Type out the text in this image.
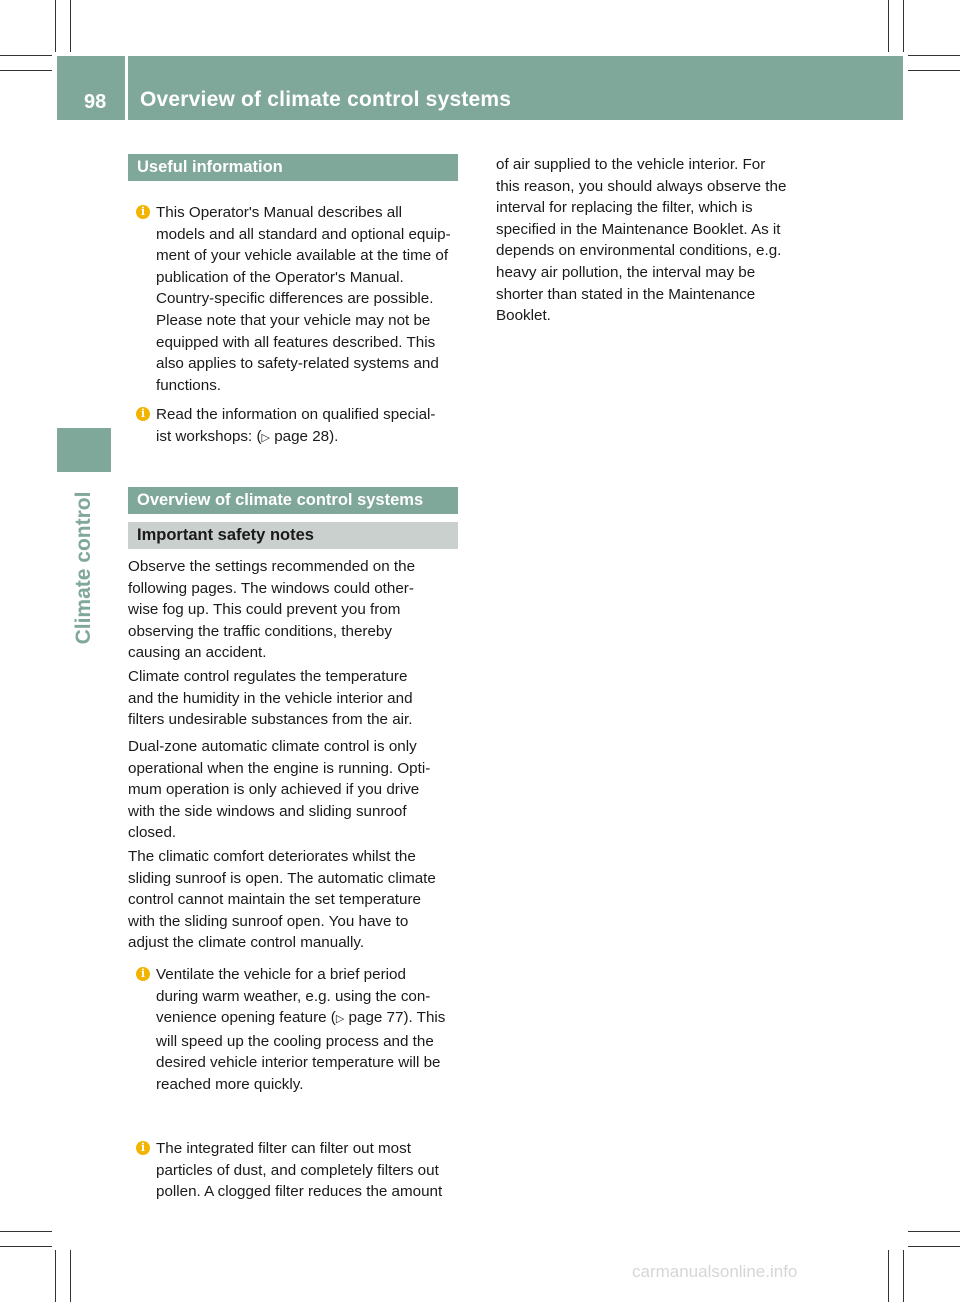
98 Overview of climate control systems
Climate control
Useful information
i This Operator's Manual describes all
models and all standard and optional equip-
ment of your vehicle available at the time of
publication of the Operator's Manual.
Country-specific differences are possible.
Please note that your vehicle may not be
equipped with all features described. This
also applies to safety-related systems and
functions.
i Read the information on qualified special-
ist workshops: (▷ page 28).
Overview of climate control systems
Important safety notes
Observe the settings recommended on the
following pages. The windows could other-
wise fog up. This could prevent you from
observing the traffic conditions, thereby
causing an accident.
Climate control regulates the temperature
and the humidity in the vehicle interior and
filters undesirable substances from the air.
Dual-zone automatic climate control is only
operational when the engine is running. Opti-
mum operation is only achieved if you drive
with the side windows and sliding sunroof
closed.
The climatic comfort deteriorates whilst the
sliding sunroof is open. The automatic climate
control cannot maintain the set temperature
with the sliding sunroof open. You have to
adjust the climate control manually.
i Ventilate the vehicle for a brief period
during warm weather, e.g. using the con-
venience opening feature (▷ page 77). This
will speed up the cooling process and the
desired vehicle interior temperature will be
reached more quickly.
i The integrated filter can filter out most
particles of dust, and completely filters out
pollen. A clogged filter reduces the amount
of air supplied to the vehicle interior. For
this reason, you should always observe the
interval for replacing the filter, which is
specified in the Maintenance Booklet. As it
depends on environmental conditions, e.g.
heavy air pollution, the interval may be
shorter than stated in the Maintenance
Booklet.
carmanualsonline.info
